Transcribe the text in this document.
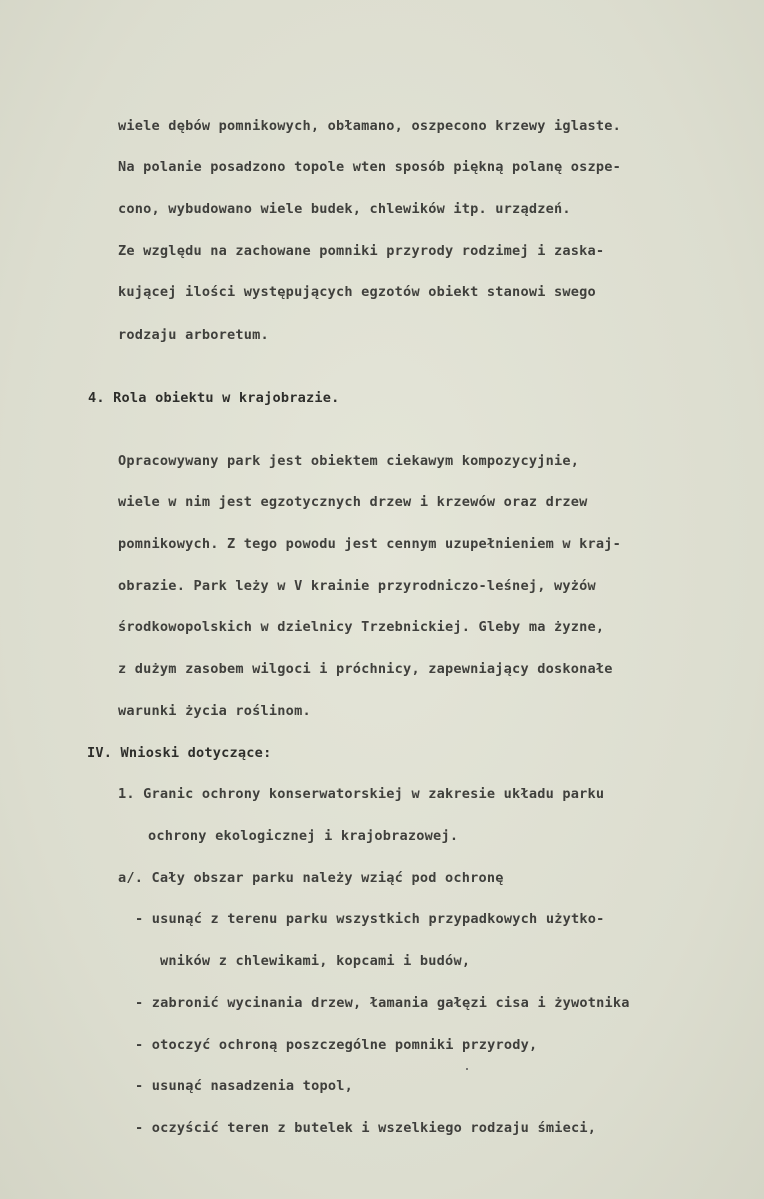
wiele dębów pomnikowych, obłamano, oszpecono krzewy iglaste.
Na polanie posadzono topole wten sposób piękną polanę oszpe-
cono, wybudowano wiele budek, chlewików itp. urządzeń.
Ze względu na zachowane pomniki przyrody rodzimej i zaska-
kującej ilości występujących egzotów obiekt stanowi swego
rodzaju arboretum.
4. Rola obiektu w krajobrazie.
Opracowywany park jest obiektem ciekawym kompozycyjnie,
wiele w nim jest egzotycznych drzew i krzewów oraz drzew
pomnikowych. Z tego powodu jest cennym uzupełnieniem w kraj-
obrazie. Park leży w V krainie przyrodniczo-leśnej, wyżów
środkowopolskich w dzielnicy Trzebnickiej. Gleby ma żyzne,
z dużym zasobem wilgoci i próchnicy, zapewniający doskonałe
warunki życia roślinom.
IV. Wnioski dotyczące:
1. Granic ochrony konserwatorskiej w zakresie układu parku
ochrony ekologicznej i krajobrazowej.
a/. Cały obszar parku należy wziąć pod ochronę
- usunąć z terenu parku wszystkich przypadkowych użytko-
wników z chlewikami, kopcami i budów,
- zabronić wycinania drzew, łamania gałęzi cisa i żywotnika
- otoczyć ochroną poszczególne pomniki przyrody,
- usunąć nasadzenia topol,
- oczyścić teren z butelek i wszelkiego rodzaju śmieci,
